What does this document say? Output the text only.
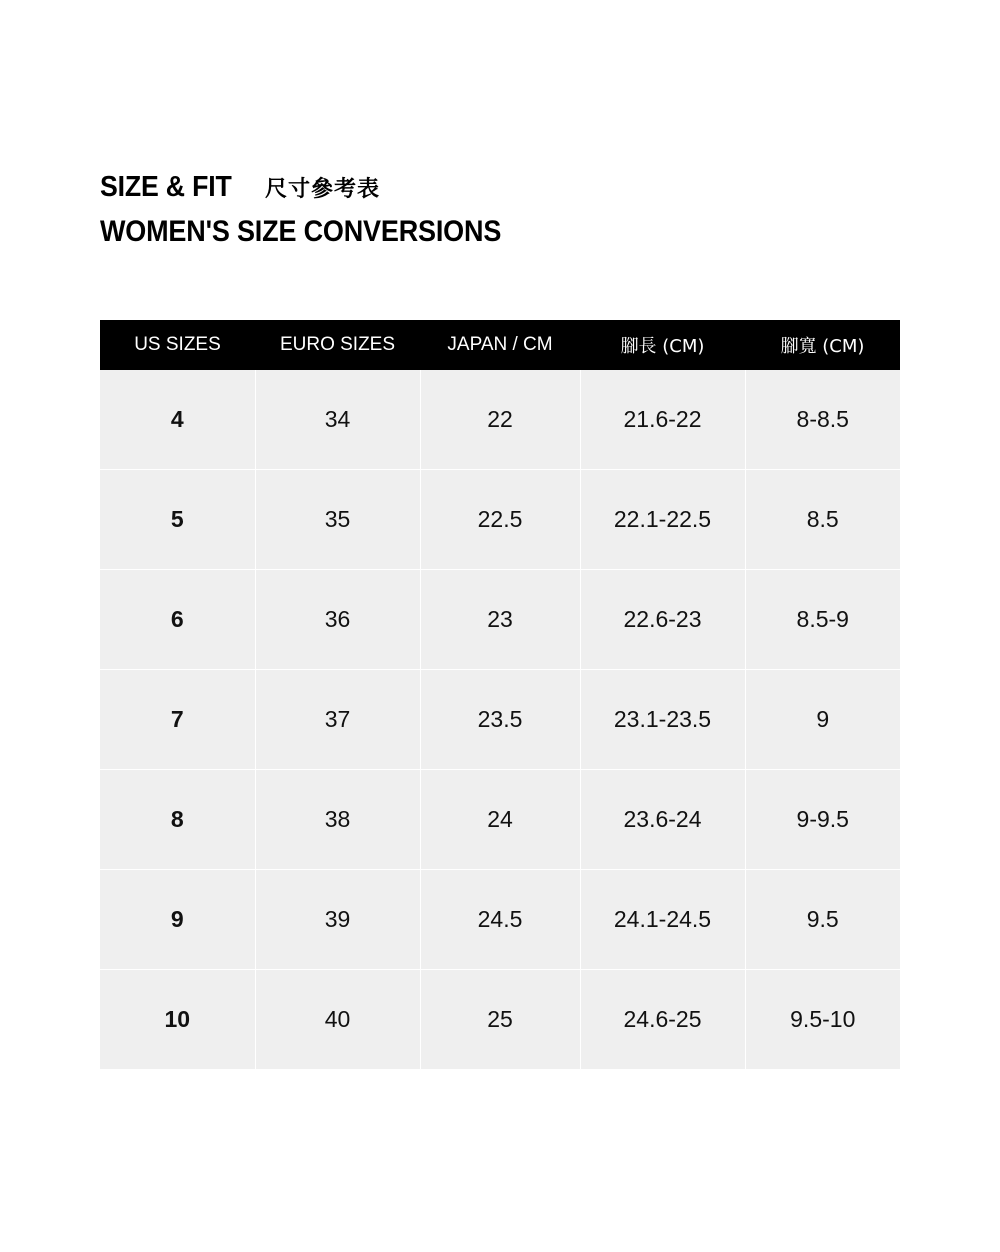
SIZE & FIT 尺寸參考表
WOMEN'S SIZE CONVERSIONS
US SIZES	EURO SIZES	JAPAN / CM	腳長 (CM)	腳寬 (CM)
4	34	22	21.6-22	8-8.5
5	35	22.5	22.1-22.5	8.5
6	36	23	22.6-23	8.5-9
7	37	23.5	23.1-23.5	9
8	38	24	23.6-24	9-9.5
9	39	24.5	24.1-24.5	9.5
10	40	25	24.6-25	9.5-10
